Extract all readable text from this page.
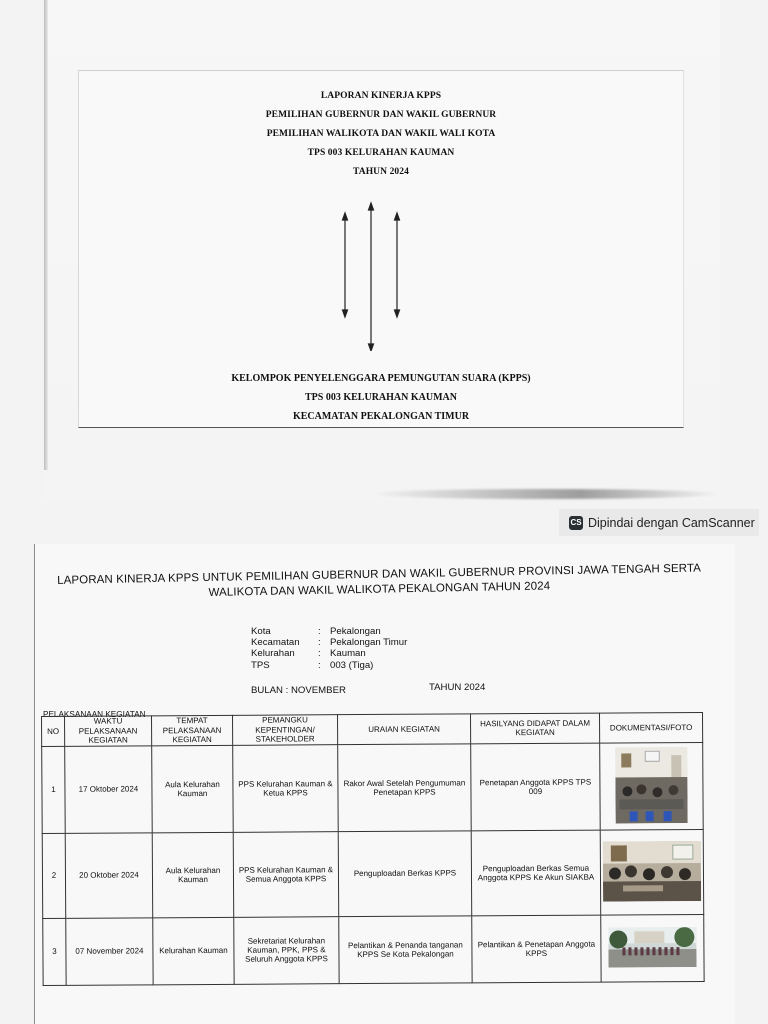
LAPORAN KINERJA KPPS
PEMILIHAN GUBERNUR DAN WAKIL GUBERNUR
PEMILIHAN WALIKOTA DAN WAKIL WALI KOTA
TPS 003 KELURAHAN KAUMAN
TAHUN 2024
KELOMPOK PENYELENGGARA PEMUNGUTAN SUARA (KPPS)
TPS 003 KELURAHAN KAUMAN
KECAMATAN PEKALONGAN TIMUR
CS Dipindai dengan CamScanner
LAPORAN KINERJA KPPS UNTUK PEMILIHAN GUBERNUR DAN WAKIL GUBERNUR PROVINSI JAWA TENGAH SERTA WALIKOTA DAN WAKIL WALIKOTA PEKALONGAN TAHUN 2024
Kota	: Pekalongan
Kecamatan	: Pekalongan Timur
Kelurahan	: Kauman
TPS	: 003 (Tiga)
BULAN : NOVEMBER	TAHUN 2024
PELAKSANAAN KEGIATAN
NO	WAKTU PELAKSANAAN KEGIATAN	TEMPAT PELAKSANAAN KEGIATAN	PEMANGKU KEPENTINGAN/ STAKEHOLDER	URAIAN KEGIATAN	HASILYANG DIDAPAT DALAM KEGIATAN	DOKUMENTASI/FOTO
1	17 Oktober 2024	Aula Kelurahan Kauman	PPS Kelurahan Kauman & Ketua KPPS	Rakor Awal Setelah Pengumuman Penetapan KPPS	Penetapan Anggota KPPS TPS 009	
2	20 Oktober 2024	Aula Kelurahan Kauman	PPS Kelurahan Kauman & Semua Anggota KPPS	Penguploadan Berkas KPPS	Penguploadan Berkas Semua Anggota KPPS Ke Akun SIAKBA	
3	07 November 2024	Kelurahan Kauman	Sekretariat Kelurahan Kauman, PPK, PPS & Seluruh Anggota KPPS	Pelantikan & Penanda tanganan KPPS Se Kota Pekalongan	Pelantikan & Penetapan Anggota KPPS	
